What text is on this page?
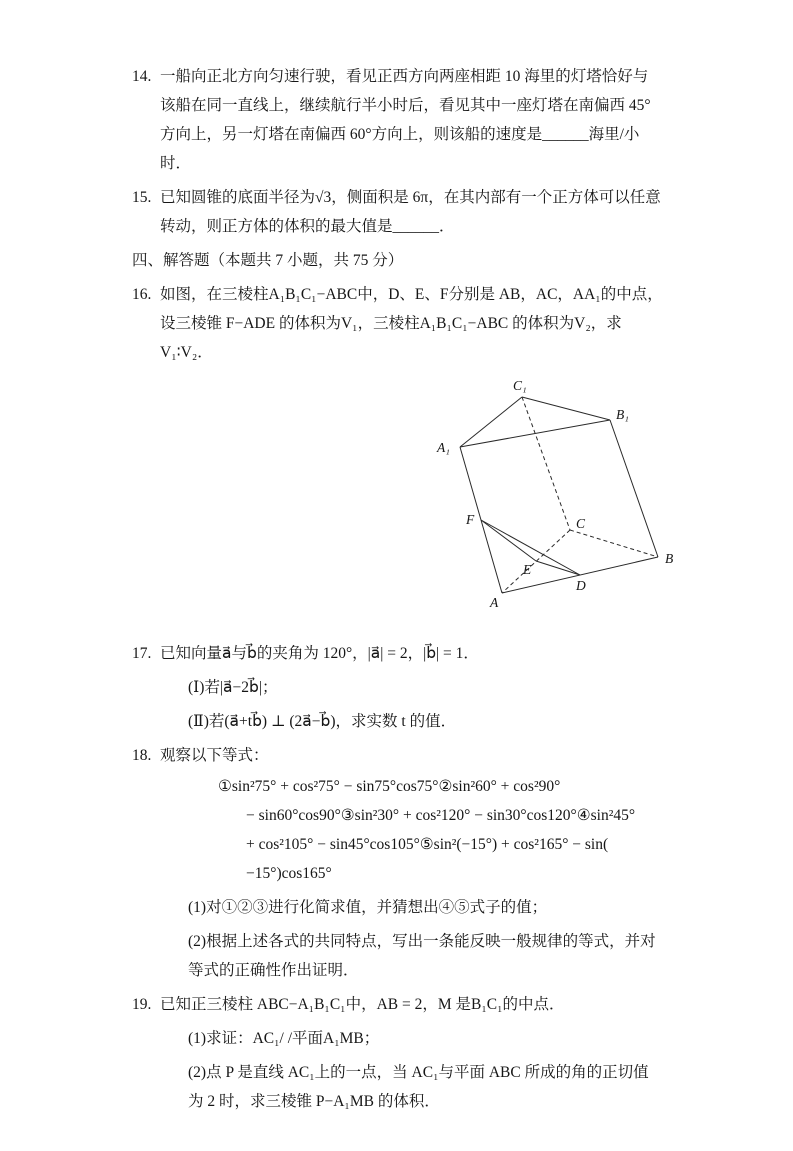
14. 一船向正北方向匀速行驶，看见正西方向两座相距 10 海里的灯塔恰好与该船在同一直线上，继续航行半小时后，看见其中一座灯塔在南偏西 45°方向上，另一灯塔在南偏西 60°方向上，则该船的速度是______海里/小时．
15. 已知圆锥的底面半径为√3，侧面积是 6π，在其内部有一个正方体可以任意转动，则正方体的体积的最大值是______．
四、解答题（本题共 7 小题，共 75 分）
16. 如图，在三棱柱A₁B₁C₁−ABC中，D、E、F分别是 AB，AC，AA₁的中点，设三棱锥 F−ADE 的体积为V₁，三棱柱A₁B₁C₁−ABC 的体积为V₂，求V₁∶V₂．
C₁
B₁
A₁
F	C
B
E
D
A
17. 已知向量a⃗与b⃗的夹角为 120°，|a⃗| = 2，|b⃗| = 1．
(Ⅰ)若|a⃗−2b⃗|；
(Ⅱ)若(a⃗+tb⃗) ⊥ (2a⃗−b⃗)，求实数 t 的值．
18. 观察以下等式：
①sin²75° + cos²75° − sin75°cos75°②sin²60° + cos²90°
− sin60°cos90°③sin²30° + cos²120° − sin30°cos120°④sin²45°
+ cos²105° − sin45°cos105°⑤sin²(−15°) + cos²165° − sin(
−15°)cos165°
(1)对①②③进行化简求值，并猜想出④⑤式子的值；
(2)根据上述各式的共同特点，写出一条能反映一般规律的等式，并对等式的正确性作出证明．
19. 已知正三棱柱 ABC−A₁B₁C₁中，AB = 2，M 是B₁C₁的中点．
(1)求证：AC₁/ /平面A₁MB；
(2)点 P 是直线 AC₁上的一点，当 AC₁与平面 ABC 所成的角的正切值为 2 时，求三棱锥 P−A₁MB 的体积．
